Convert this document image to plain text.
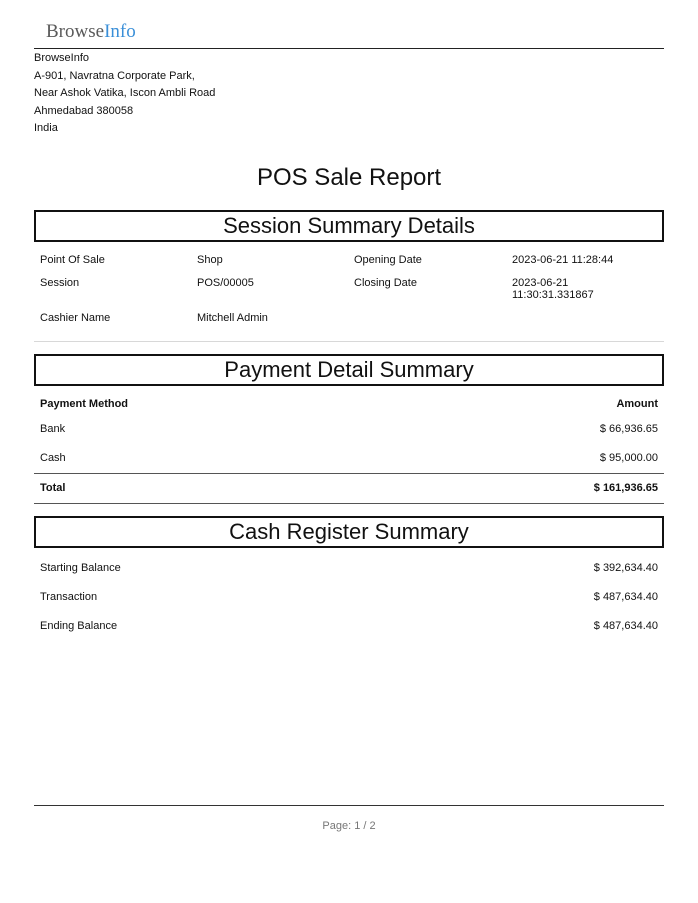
BrowseInfo
BrowseInfo
A-901, Navratna Corporate Park,
Near Ashok Vatika, Iscon Ambli Road
Ahmedabad 380058
India
POS Sale Report
Session Summary Details
Point Of Sale	Shop	Opening Date	2023-06-21 11:28:44
Session	POS/00005	Closing Date	2023-06-21
11:30:31.331867
Cashier Name	Mitchell Admin
Payment Detail Summary
Payment Method	Amount
Bank	$ 66,936.65
Cash	$ 95,000.00
Total	$ 161,936.65
Cash Register Summary
Starting Balance	$ 392,634.40
Transaction	$ 487,634.40
Ending Balance	$ 487,634.40
Page: 1 / 2
